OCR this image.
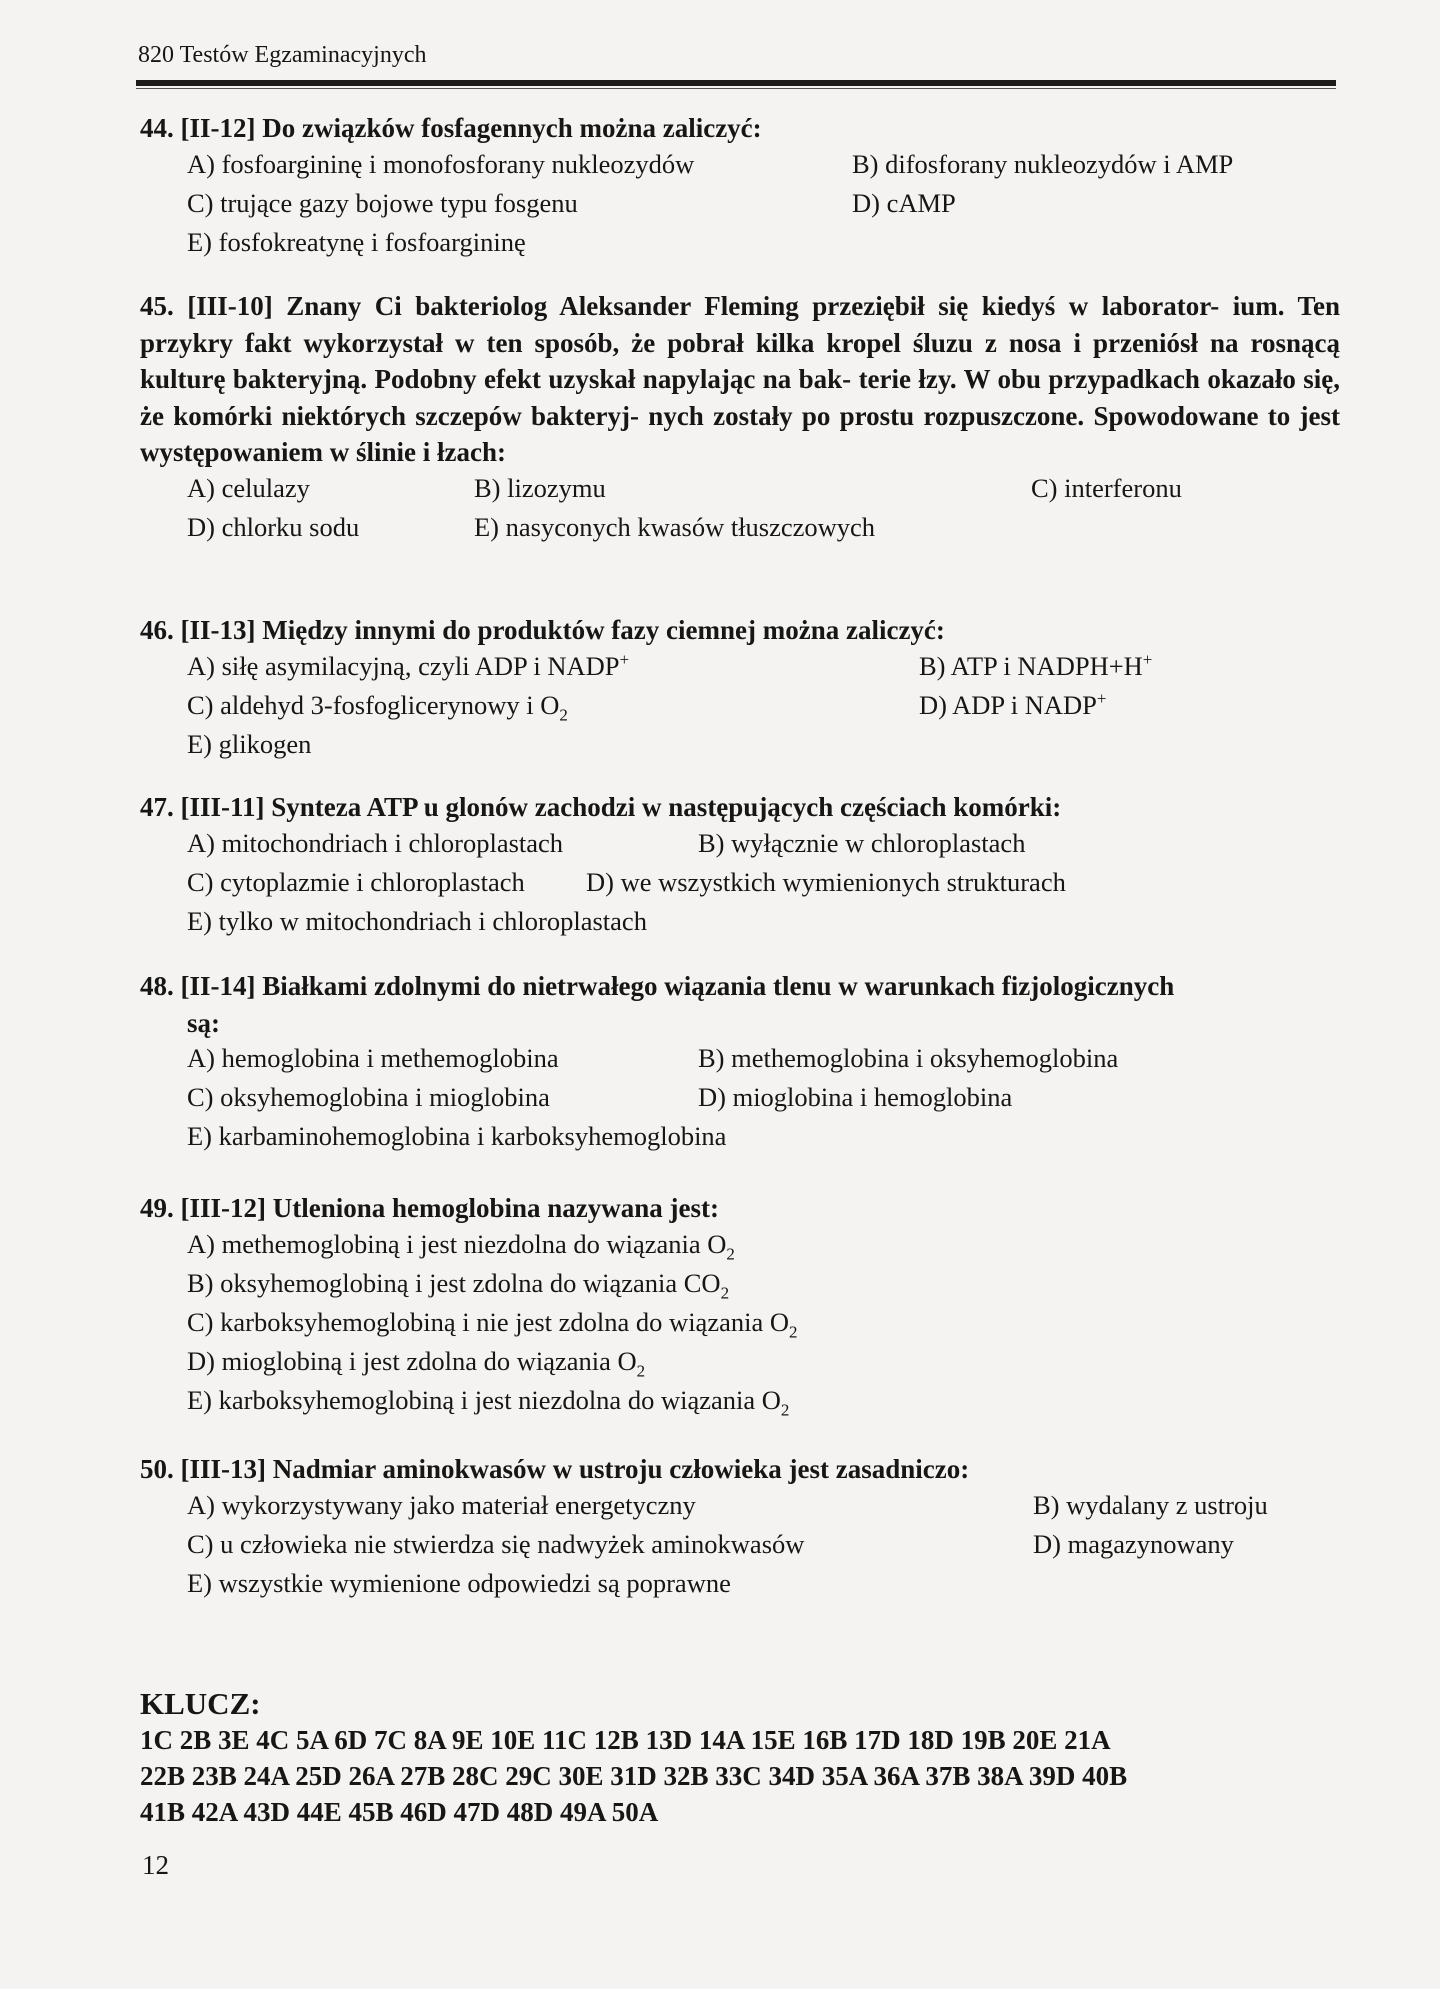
820 Testów Egzaminacyjnych
44. [II-12] Do związków fosfagennych można zaliczyć:
A) fosfoargininę i monofosforany nukleozydów	B) difosforany nukleozydów i AMP
C) trujące gazy bojowe typu fosgenu	D) cAMP
E) fosfokreatynę i fosfoargininę
45. [III-10] Znany Ci bakteriolog Aleksander Fleming przeziębił się kiedyś w laborator- ium. Ten przykry fakt wykorzystał w ten sposób, że pobrał kilka kropel śluzu z nosa i przeniósł na rosnącą kulturę bakteryjną. Podobny efekt uzyskał napylając na bak- terie łzy. W obu przypadkach okazało się, że komórki niektórych szczepów bakteryj- nych zostały po prostu rozpuszczone. Spowodowane to jest występowaniem w ślinie i łzach:
A) celulazy	B) lizozymu	C) interferonu
D) chlorku sodu	E) nasyconych kwasów tłuszczowych
46. [II-13] Między innymi do produktów fazy ciemnej można zaliczyć:
A) siłę asymilacyjną, czyli ADP i NADP+	B) ATP i NADPH+H+
C) aldehyd 3-fosfoglicerynowy i $O_2$	D) ADP i NADP+
E) glikogen
47. [III-11] Synteza ATP u glonów zachodzi w następujących częściach komórki:
A) mitochondriach i chloroplastach	B) wyłącznie w chloroplastach
C) cytoplazmie i chloroplastach D) we wszystkich wymienionych strukturach
E) tylko w mitochondriach i chloroplastach
48. [II-14] Białkami zdolnymi do nietrwałego wiązania tlenu w warunkach fizjologicznych
są:
A) hemoglobina i methemoglobina	B) methemoglobina i oksyhemoglobina
C) oksyhemoglobina i mioglobina	D) mioglobina i hemoglobina
E) karbaminohemoglobina i karboksyhemoglobina
49. [III-12] Utleniona hemoglobina nazywana jest:
A) methemoglobiną i jest niezdolna do wiązania $O_2$
B) oksyhemoglobiną i jest zdolna do wiązania $CO_2$
C) karboksyhemoglobiną i nie jest zdolna do wiązania $O_2$
D) mioglobiną i jest zdolna do wiązania $O_2$
E) karboksyhemoglobiną i jest niezdolna do wiązania $O_2$
50. [III-13] Nadmiar aminokwasów w ustroju człowieka jest zasadniczo:
A) wykorzystywany jako materiał energetyczny	B) wydalany z ustroju
C) u człowieka nie stwierdza się nadwyżek aminokwasów	D) magazynowany
E) wszystkie wymienione odpowiedzi są poprawne
KLUCZ:
1C 2B 3E 4C 5A 6D 7C 8A 9E 10E 11C 12B 13D 14A 15E 16B 17D 18D 19B 20E 21A
22B 23B 24A 25D 26A 27B 28C 29C 30E 31D 32B 33C 34D 35A 36A 37B 38A 39D 40B
41B 42A 43D 44E 45B 46D 47D 48D 49A 50A
12
